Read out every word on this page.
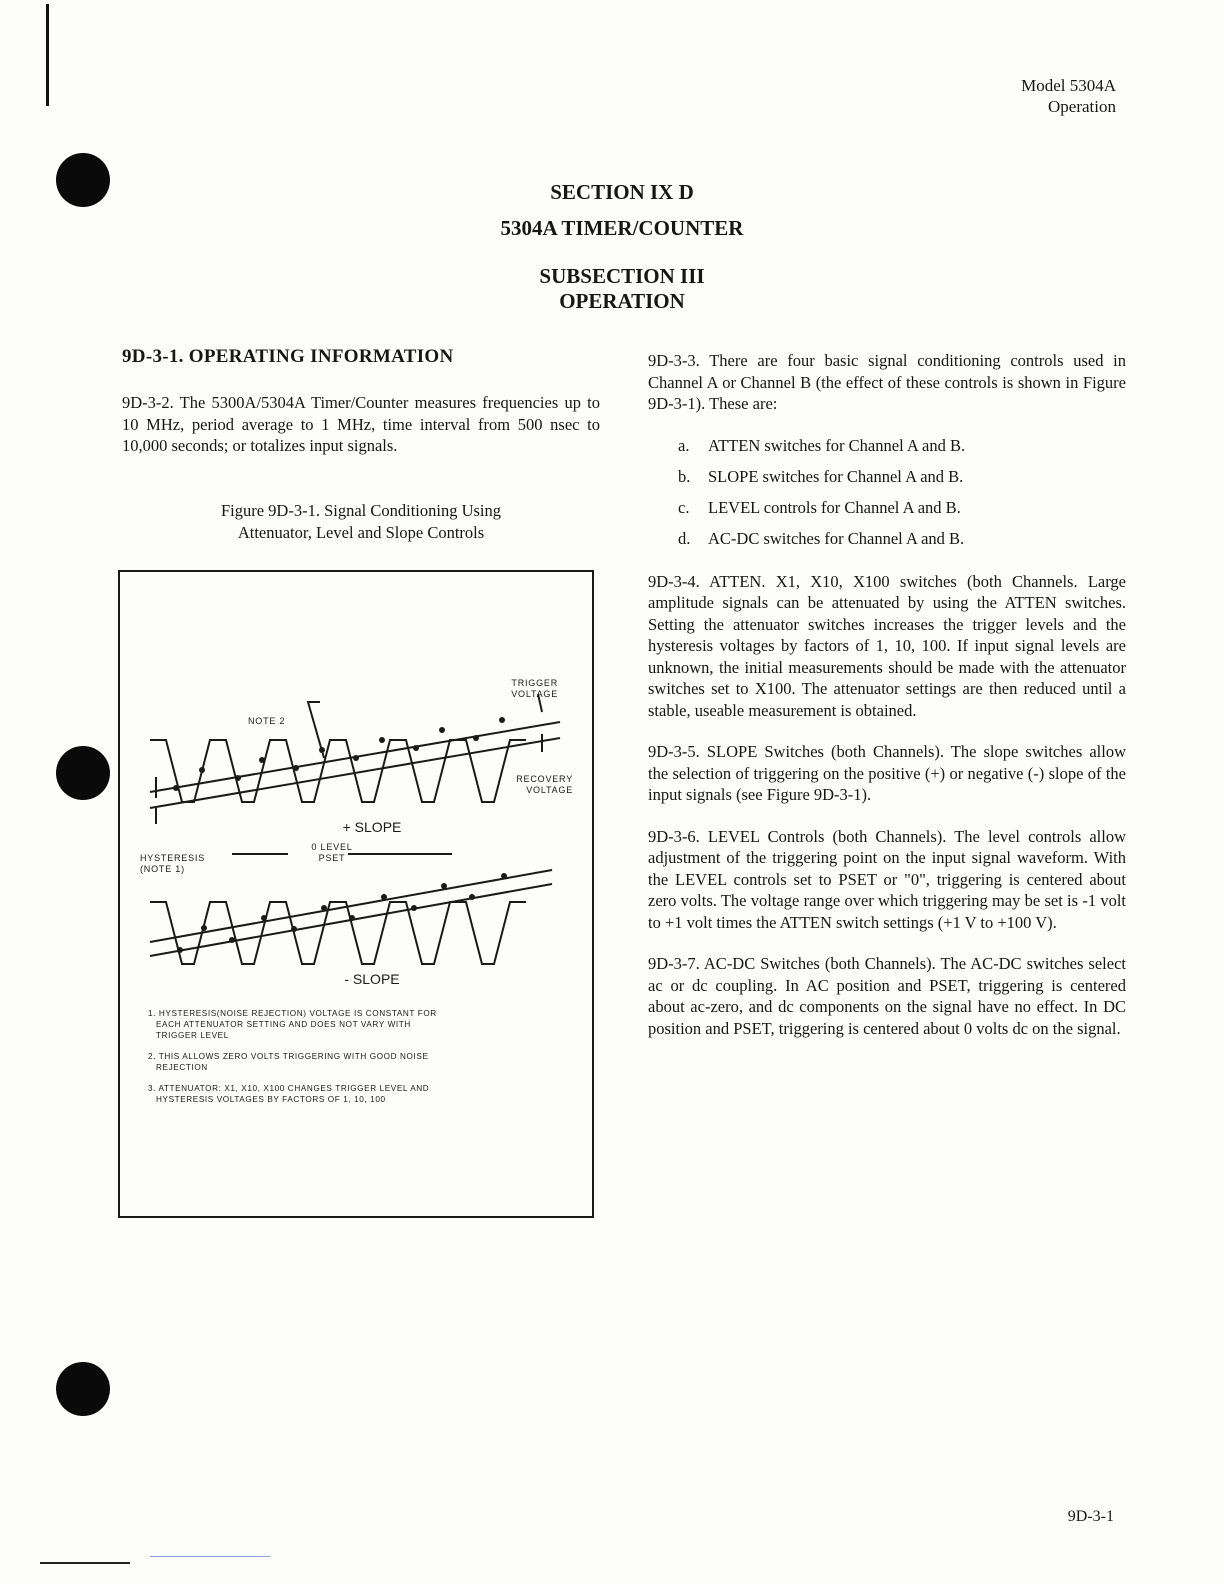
Model 5304A
Operation
SECTION IX D
5304A TIMER/COUNTER
SUBSECTION III
OPERATION
9D-3-1. OPERATING INFORMATION

9D-3-2. The 5300A/5304A Timer/Counter measures frequencies up to 10 MHz, period average to 1 MHz, time interval from 500 nsec to 10,000 seconds; or totalizes input signals.

Figure 9D-3-1. Signal Conditioning Using
Attenuator, Level and Slope Controls
TRIGGER
VOLTAGE
NOTE 2
RECOVERY
VOLTAGE
HYSTERESIS
(NOTE 1)
0 LEVEL
PSET
+ SLOPE
- SLOPE
1. HYSTERESIS(NOISE REJECTION) VOLTAGE IS CONSTANT FOR
EACH ATTENUATOR SETTING AND DOES NOT VARY WITH
TRIGGER LEVEL
2. THIS ALLOWS ZERO VOLTS TRIGGERING WITH GOOD NOISE
REJECTION
3. ATTENUATOR: X1, X10, X100 CHANGES TRIGGER LEVEL AND
HYSTERESIS VOLTAGES BY FACTORS OF 1, 10, 100

9D-3-3. There are four basic signal conditioning controls used in Channel A or Channel B (the effect of these controls is shown in Figure 9D-3-1). These are:

a. ATTEN switches for Channel A and B.
b. SLOPE switches for Channel A and B.
c. LEVEL controls for Channel A and B.
d. AC-DC switches for Channel A and B.

9D-3-4. ATTEN. X1, X10, X100 switches (both Channels. Large amplitude signals can be attenuated by using the ATTEN switches. Setting the attenuator switches increases the trigger levels and the hysteresis voltages by factors of 1, 10, 100. If input signal levels are unknown, the initial measurements should be made with the attenuator switches set to X100. The attenuator settings are then reduced until a stable, useable measurement is obtained.

9D-3-5. SLOPE Switches (both Channels). The slope switches allow the selection of triggering on the positive (+) or negative (-) slope of the input signals (see Figure 9D-3-1).

9D-3-6. LEVEL Controls (both Channels). The level controls allow adjustment of the triggering point on the input signal waveform. With the LEVEL controls set to PSET or "0", triggering is centered about zero volts. The voltage range over which triggering may be set is -1 volt to +1 volt times the ATTEN switch settings (+1 V to +100 V).

9D-3-7. AC-DC Switches (both Channels). The AC-DC switches select ac or dc coupling. In AC position and PSET, triggering is centered about ac-zero, and dc components on the signal have no effect. In DC position and PSET, triggering is centered about 0 volts dc on the signal.

9D-3-1
